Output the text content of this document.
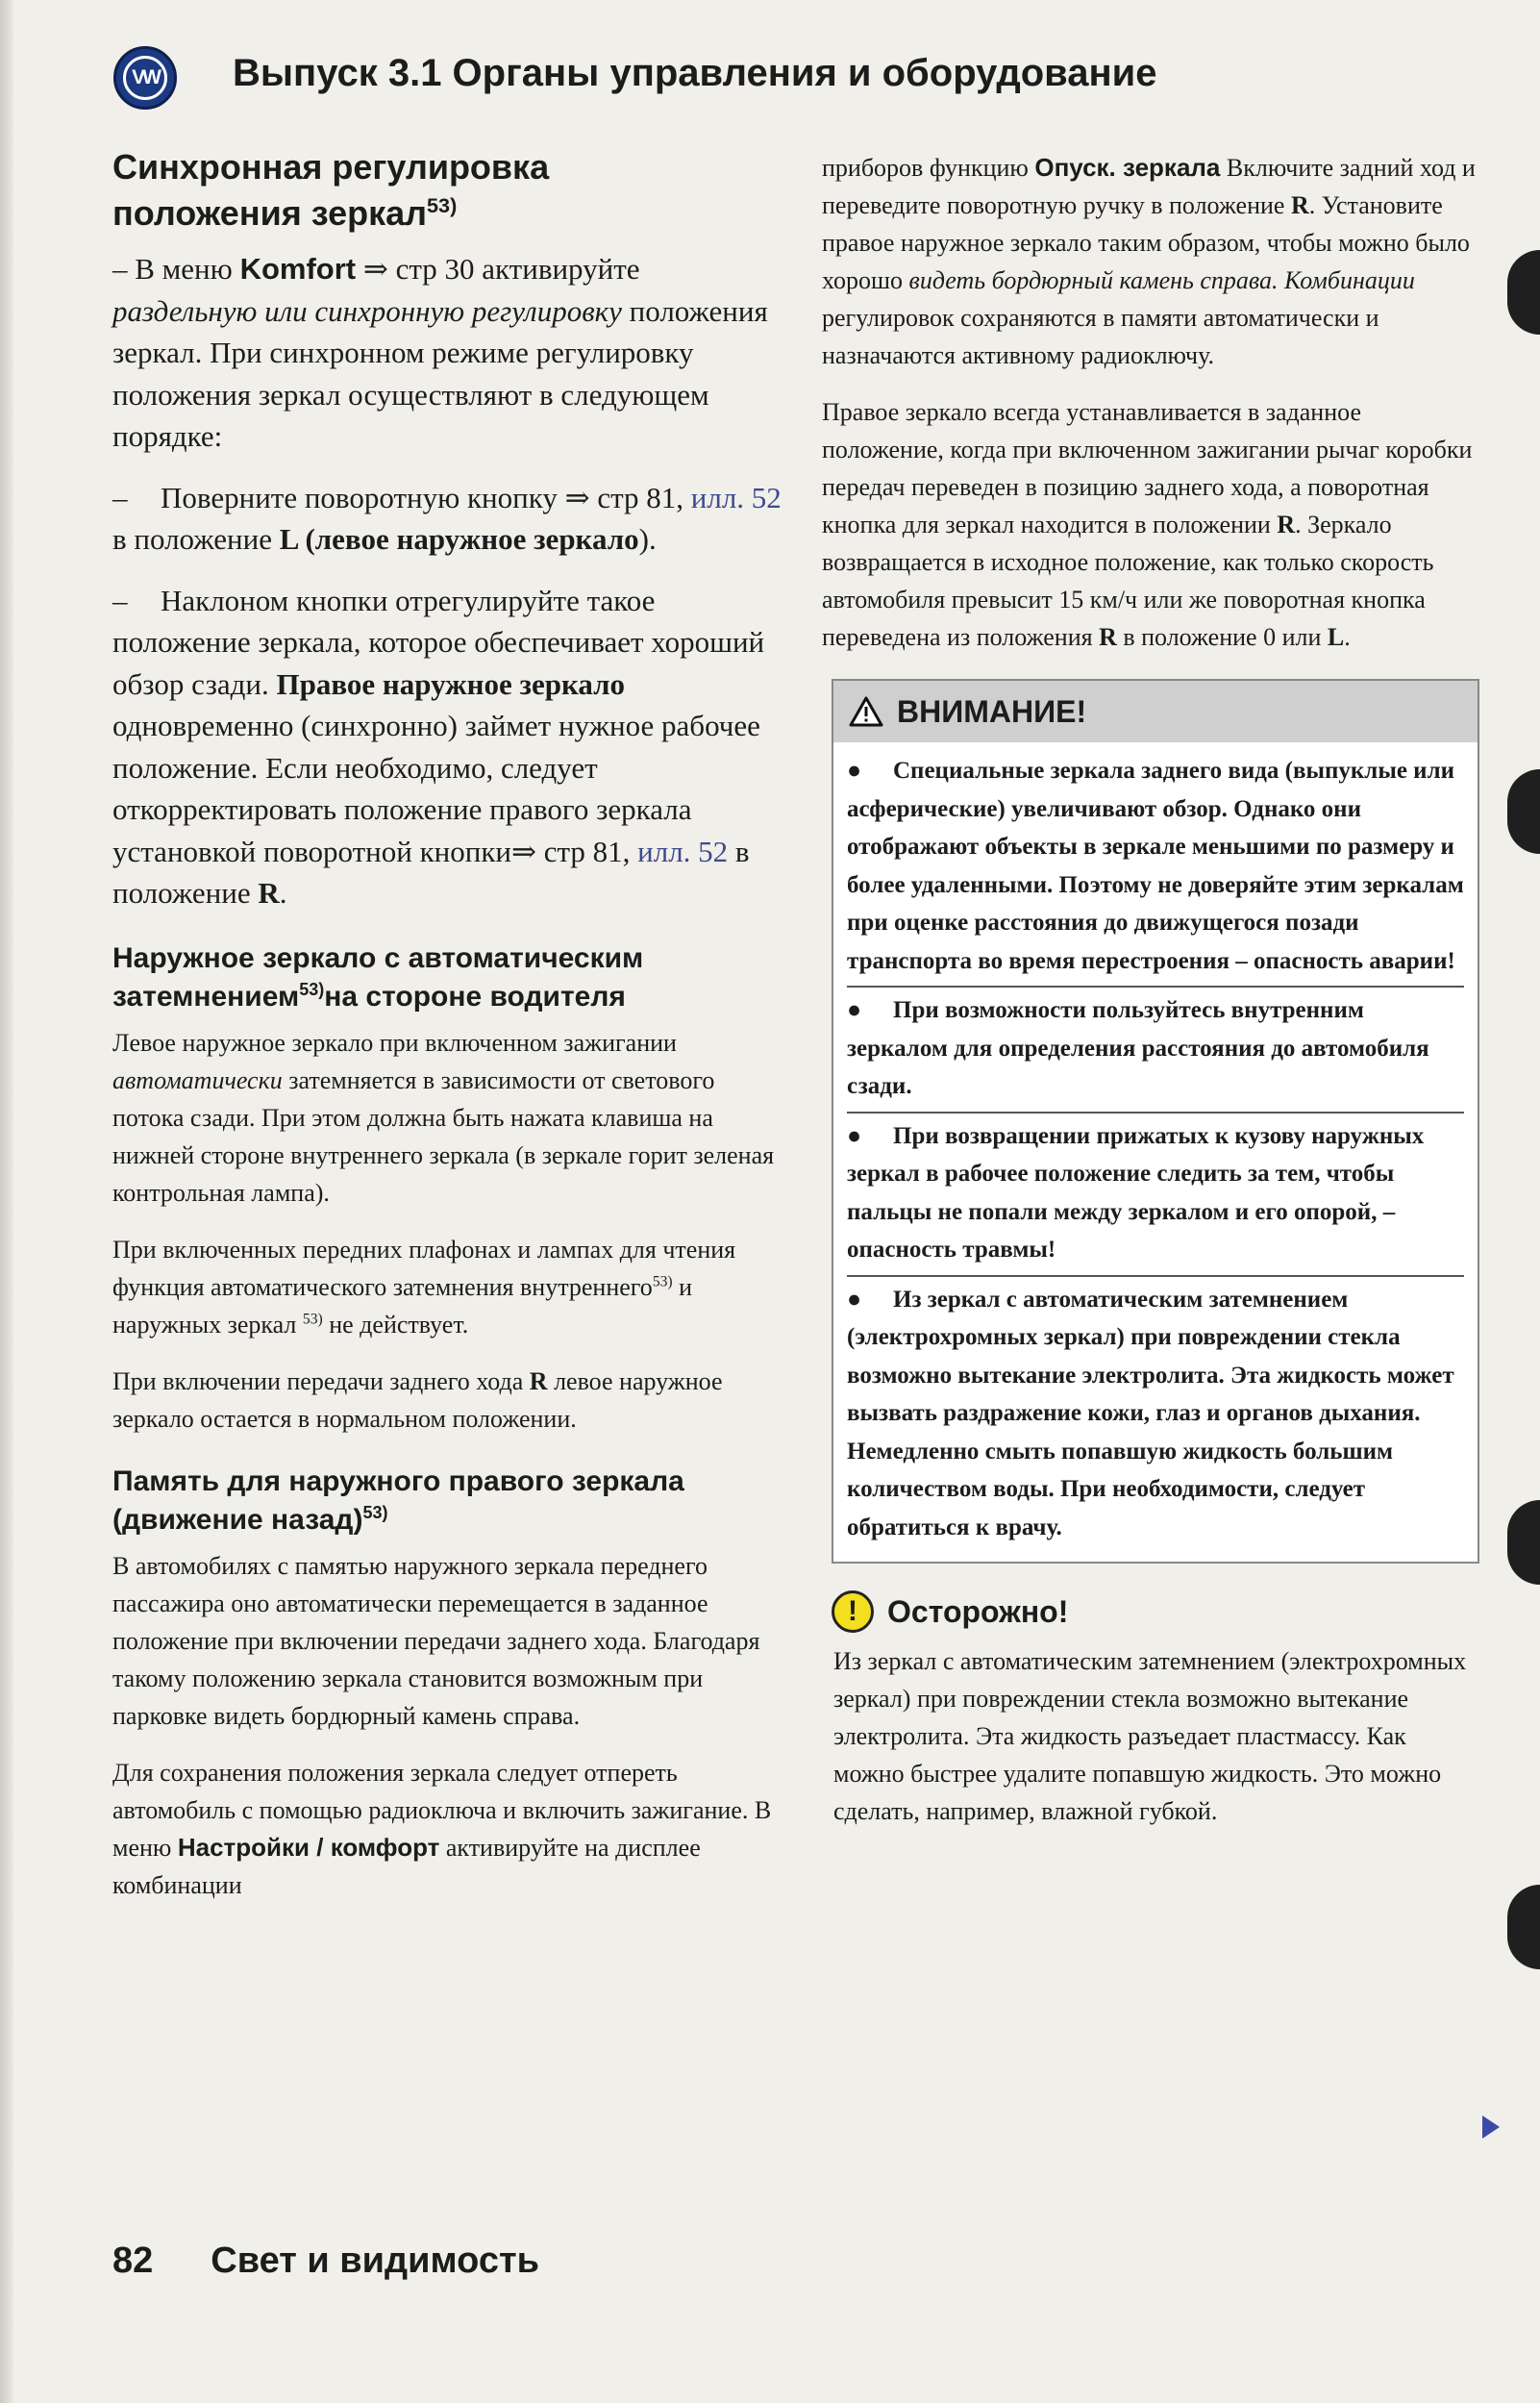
VW Выпуск 3.1 Органы управления и оборудование
Синхронная регулировка
положения зеркал$^{53)}$

– В меню Komfort ⇒ стр 30 активируйте раздельную или синхронную регулировку положения зеркал. При синхронном режиме регулировку положения зеркал осуществляют в следующем порядке:

– Поверните поворотную кнопку ⇒ стр 81, илл. 52 в положение L (левое наружное зеркало).

– Наклоном кнопки отрегулируйте такое положение зеркала, которое обеспечивает хороший обзор сзади. Правое наружное зеркало одновременно (синхронно) займет нужное рабочее положение. Если необходимо, следует откорректировать положение правого зеркала установкой поворотной кнопки⇒ стр 81, илл. 52 в положение R.

Наружное зеркало с автоматическим затемнением$^{53)}$на стороне водителя

Левое наружное зеркало при включенном зажигании автоматически затемняется в зависимости от светового потока сзади. При этом должна быть нажата клавиша на нижней стороне внутреннего зеркала (в зеркале горит зеленая контрольная лампа).

При включенных передних плафонах и лампах для чтения функция автоматического затемнения внутреннего$^{53)}$ и наружных зеркал $^{53)}$ не действует.

При включении передачи заднего хода R левое наружное зеркало остается в нормальном положении.

Память для наружного правого зеркала (движение назад)$^{53)}$

В автомобилях с памятью наружного зеркала переднего пассажира оно автоматически перемещается в заданное положение при включении передачи заднего хода. Благодаря такому положению зеркала становится возможным при парковке видеть бордюрный камень справа.

Для сохранения положения зеркала следует отпереть автомобиль с помощью радиоключа и включить зажигание. В меню Настройки / комфорт активируйте на дисплее комбинации

приборов функцию Опуск. зеркала Включите задний ход и переведите поворотную ручку в положение R. Установите правое наружное зеркало таким образом, чтобы можно было хорошо видеть бордюрный камень справа. Комбинации регулировок сохраняются в памяти автоматически и назначаются активному радиоключу.

Правое зеркало всегда устанавливается в заданное положение, когда при включенном зажигании рычаг коробки передач переведен в позицию заднего хода, а поворотная кнопка для зеркал находится в положении R. Зеркало возвращается в исходное положение, как только скорость автомобиля превысит 15 км/ч или же поворотная кнопка переведена из положения R в положение 0 или L.

ВНИМАНИЕ!
● Специальные зеркала заднего вида (выпуклые или асферические) увеличивают обзор. Однако они отображают объекты в зеркале меньшими по размеру и более удаленными. Поэтому не доверяйте этим зеркалам при оценке расстояния до движущегося позади транспорта во время перестроения – опасность аварии!
● При возможности пользуйтесь внутренним зеркалом для определения расстояния до автомобиля сзади.
● При возвращении прижатых к кузову наружных зеркал в рабочее положение следить за тем, чтобы пальцы не попали между зеркалом и его опорой, – опасность травмы!
● Из зеркал с автоматическим затемнением (электрохромных зеркал) при повреждении стекла возможно вытекание электролита. Эта жидкость может вызвать раздражение кожи, глаз и органов дыхания. Немедленно смыть попавшую жидкость большим количеством воды. При необходимости, следует обратиться к врачу.
! Осторожно!

Из зеркал с автоматическим затемнением (электрохромных зеркал) при повреждении стекла возможно вытекание электролита. Эта жидкость разъедает пластмассу. Как можно быстрее удалите попавшую жидкость. Это можно сделать, например, влажной губкой.

82 Свет и видимость
